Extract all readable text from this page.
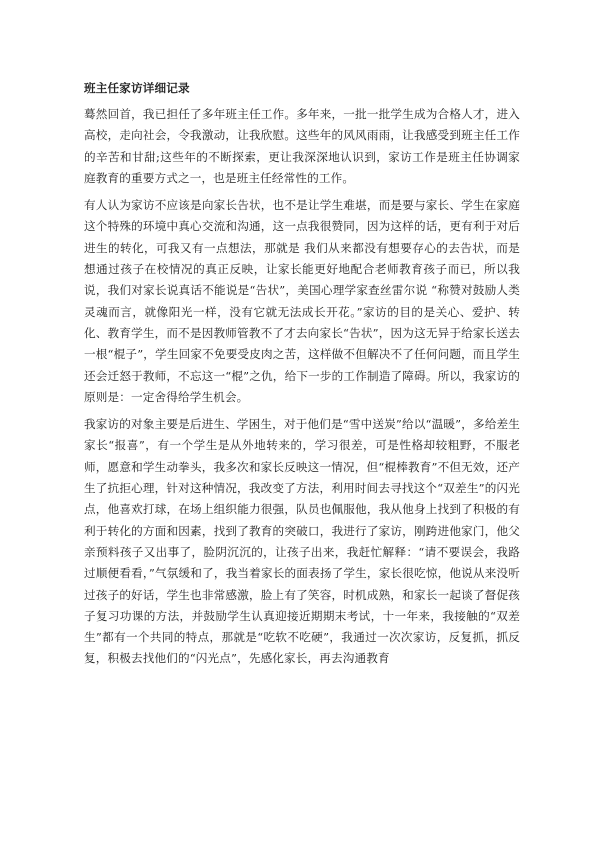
班主任家访详细记录

蓦然回首，我已担任了多年班主任工作。多年来，一批一批学生成为合格人才，进入高校，走向社会，令我激动，让我欣慰。这些年的风风雨雨，让我感受到班主任工作的辛苦和甘甜;这些年的不断探索，更让我深深地认识到，家访工作是班主任协调家庭教育的重要方式之一，也是班主任经常性的工作。

有人认为家访不应该是向家长告状，也不是让学生难堪，而是要与家长、学生在家庭这个特殊的环境中真心交流和沟通，这一点我很赞同，因为这样的话，更有利于对后进生的转化，可我又有一点想法，那就是 我们从来都没有想要存心的去告状，而是想通过孩子在校情况的真正反映，让家长能更好地配合老师教育孩子而已，所以我说，我们对家长说真话不能说是“告状”，美国心理学家查丝雷尔说 “称赞对鼓励人类灵魂而言，就像阳光一样，没有它就无法成长开花。”家访的目的是关心、爱护、转化、教育学生，而不是因教师管教不了才去向家长“告状”，因为这无异于给家长送去一根“棍子”，学生回家不免要受皮肉之苦，这样做不但解决不了任何问题，而且学生还会迁怒于教师，不忘这一“棍”之仇，给下一步的工作制造了障碍。所以，我家访的原则是：一定舍得给学生机会。

我家访的对象主要是后进生、学困生，对于他们是“雪中送炭”给以“温暖”，多给差生家长“报喜”，有一个学生是从外地转来的，学习很差，可是性格却较粗野，不服老师，愿意和学生动拳头，我多次和家长反映这一情况，但“棍棒教育”不但无效，还产生了抗拒心理，针对这种情况，我改变了方法，利用时间去寻找这个“双差生”的闪光点，他喜欢打球，在场上组织能力很强，队员也佩服他，我从他身上找到了积极的有利于转化的方面和因素，找到了教育的突破口，我进行了家访，刚跨进他家门，他父亲预料孩子又出事了，脸阴沉沉的，让孩子出来，我赶忙解释：“请不要误会，我路过顺便看看，”气氛缓和了，我当着家长的面表扬了学生，家长很吃惊，他说从来没听过孩子的好话，学生也非常感激，脸上有了笑容，时机成熟，和家长一起谈了督促孩子复习功课的方法，并鼓励学生认真迎接近期期末考试，十一年来，我接触的“双差生”都有一个共同的特点，那就是“吃软不吃硬”，我通过一次次家访，反复抓，抓反复，积极去找他们的“闪光点”，先感化家长，再去沟通教育
